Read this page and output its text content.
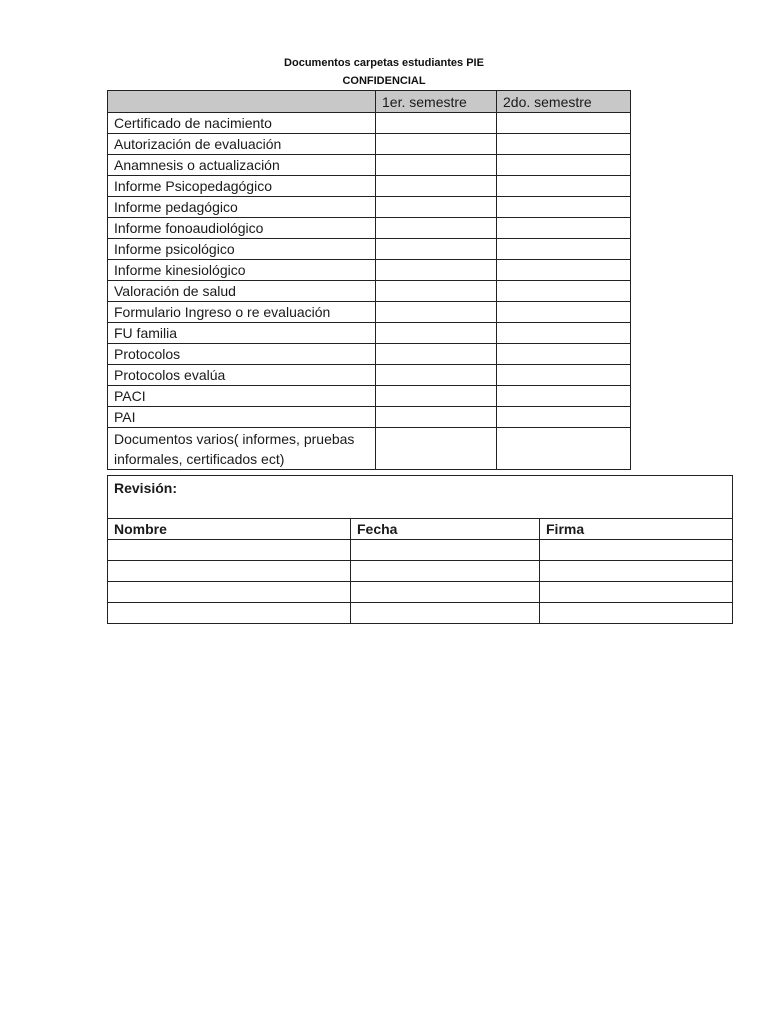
Documentos carpetas estudiantes PIE
CONFIDENCIAL
	1er. semestre	2do. semestre
Certificado de nacimiento		
Autorización de evaluación		
Anamnesis o actualización		
Informe Psicopedagógico		
Informe pedagógico		
Informe fonoaudiológico		
Informe psicológico		
Informe kinesiológico		
Valoración de salud		
Formulario Ingreso o re evaluación		
FU familia		
Protocolos		
Protocolos evalúa		
PACI		
PAI		
Documentos varios( informes, pruebas informales, certificados ect)		
Revisión:		
Nombre	Fecha	Firma
